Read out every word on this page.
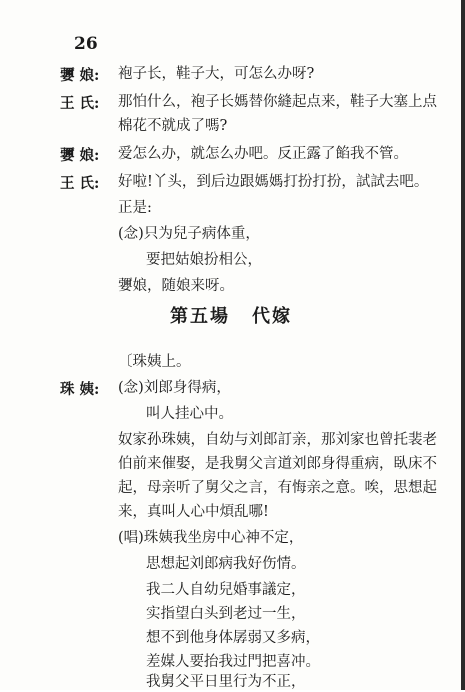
26
㜷 娘: 袍子长，鞋子大，可怎么办呀?
王 氏: 那怕什么，袍子长媽替你縫起点来，鞋子大塞上点
棉花不就成了嗎?
㜷 娘: 爱怎么办，就怎么办吧。反正露了餡我不管。
王 氏: 好啦!丫头，到后边跟媽媽打扮打扮，試試去吧。
正是:
(念)只为兒子病体重，
要把姑娘扮相公，
㜷娘，随娘来呀。
第五場 代嫁
〔珠姨上。
珠 姨: (念)刘郎身得病，
叫人挂心中。
奴家孙珠姨，自幼与刘郎訂亲，那刘家也曾托裴老
伯前来催娶，是我舅父言道刘郎身得重病，臥床不
起，母亲听了舅父之言，有悔亲之意。唉，思想起
来，真叫人心中煩乱哪!
(唱)珠姨我坐房中心神不定，
思想起刘郎病我好伤情。
我二人自幼兒婚事議定，
实指望白头到老过一生，
想不到他身体孱弱又多病，
差媒人要抬我过門把喜冲。
我舅父平日里行为不正，
